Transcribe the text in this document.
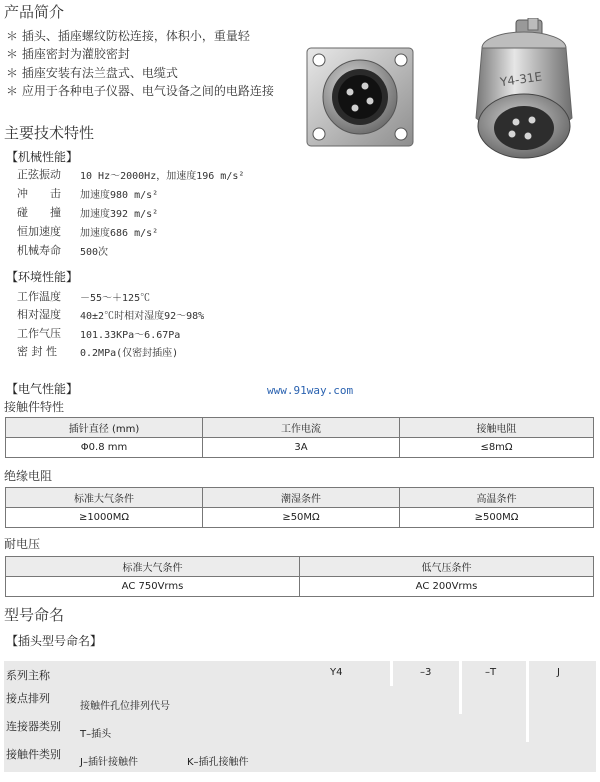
产品简介
＊ 插头、插座螺纹防松连接，体积小，重量轻
＊ 插座密封为灌胶密封
＊ 插座安装有法兰盘式、电缆式
＊ 应用于各种电子仪器、电气设备之间的电路连接
Y4-31E
主要技术特性
【机械性能】
正弦振动 10 Hz～2000Hz，加速度196 m/s²
冲　　击 加速度980 m/s²
碰　　撞 加速度392 m/s²
恒加速度 加速度686 m/s²
机械寿命 500次
【环境性能】
工作温度 －55～＋125℃
相对湿度 40±2℃时相对湿度92～98%
工作气压 101.33KPa～6.67Pa
密 封 性 0.2MPa(仅密封插座)
【电气性能】	www.91way.com
接触件特性
插针直径 (mm)	工作电流	接触电阻
Φ0.8 mm	3A	≤8mΩ
绝缘电阻
标准大气条件	潮湿条件	高温条件
≥1000MΩ	≥50MΩ	≥500MΩ
耐电压
标准大气条件	低气压条件
AC 750Vrms	AC 200Vrms
型号命名
【插头型号命名】
系列主称	Y4	–3	–T	J
接点排列
接触件孔位排列代号
连接器类别
T–插头
接触件类别
J–插针接触件	K–插孔接触件
